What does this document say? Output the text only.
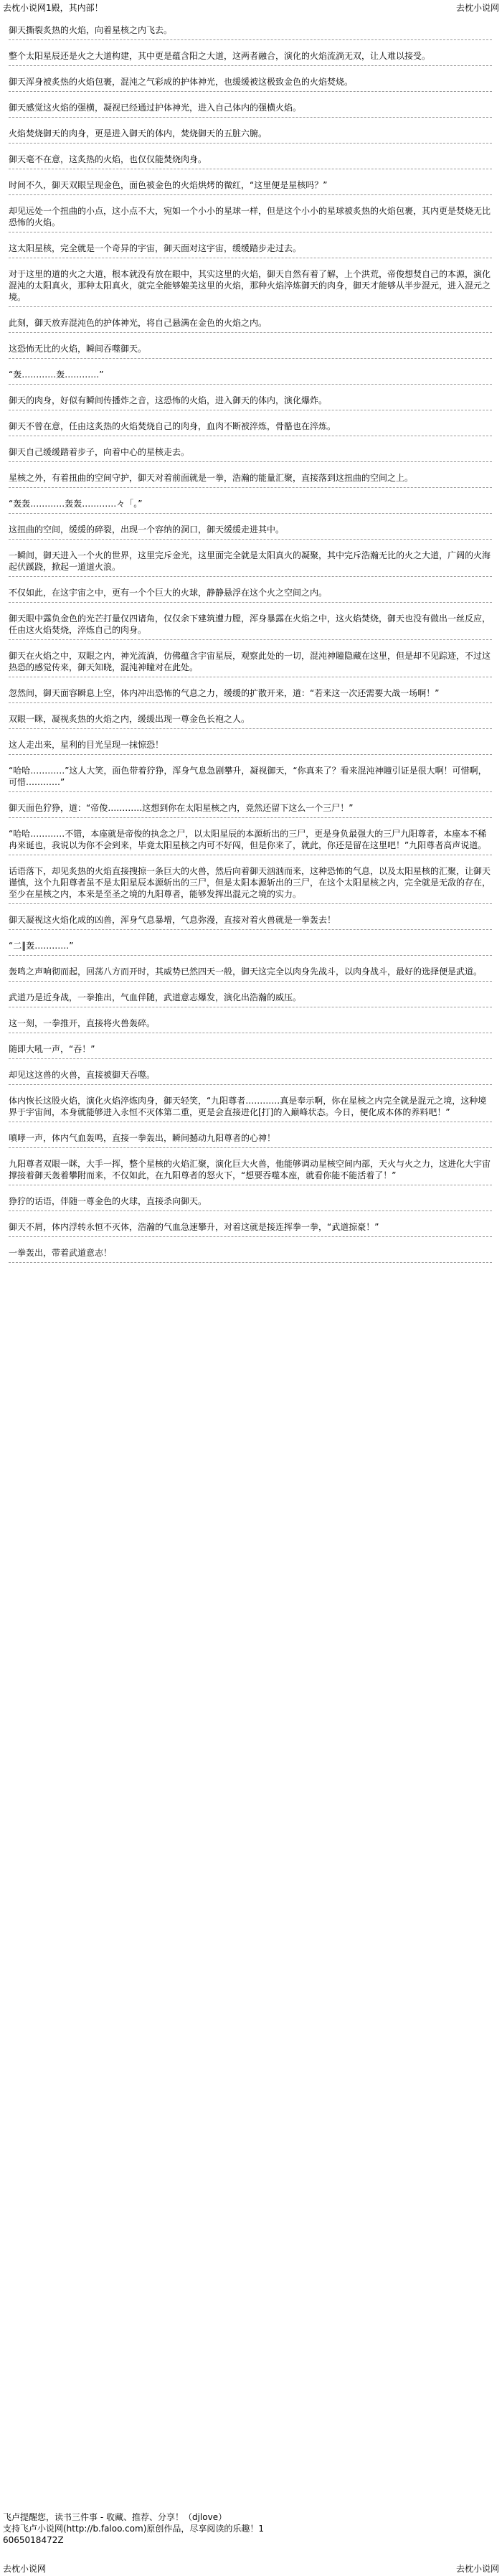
去枕小说网1殿，其内部！	去枕小说网

御天撕裂炙热的火焰，向着星核之内飞去。

整个太阳星辰还是火之大道构建，其中更是蕴含阳之大道，这两者融合，演化的火焰流淌无双，让人难以接受。

御天浑身被炙热的火焰包裹，混沌之气彩成的护体神光，也缓缓被这极致金色的火焰焚烧。

御天感觉这火焰的强横，凝视已经通过护体神光，进入自己体内的强横火焰。

火焰焚烧御天的肉身，更是进入御天的体内，焚烧御天的五脏六腑。

御天毫不在意，这炙热的火焰，也仅仅能焚烧肉身。

时间不久，御天双眼呈现金色，面色被金色的火焰烘烤的微红，“这里便是星核吗？”

却见远处一个扭曲的小点，这小点不大，宛如一个小小的星球一样，但是这个小小的星球被炙热的火焰包裹，其内更是焚烧无比恐怖的火焰。

这太阳星核，完全就是一个奇异的宇宙，御天面对这宇宙，缓缓踏步走过去。

对于这里的道的火之大道，根本就没有放在眼中，其实这里的火焰，御天自然有着了解，上个洪荒，帝俊想焚自己的本源，演化混沌的太阳真火，那种太阳真火，就完全能够媲美这里的火焰，那种火焰淬炼御天的肉身，御天才能够从半步混元，进入混元之境。

此刻，御天放弃混沌色的护体神光，将自己悬满在金色的火焰之内。

这恐怖无比的火焰，瞬间吞噬御天。

“轰…………轰…………”

御天的肉身，好似有瞬间传播炸之音，这恐怖的火焰，进入御天的体内，演化爆炸。

御天不曾在意，任由这炙热的火焰焚烧自己的肉身，血肉不断被淬炼，骨骼也在淬炼。

御天自己缓缓踏着步子，向着中心的星核走去。

星核之外，有着扭曲的空间守护，御天对着前面就是一拳，浩瀚的能量汇聚，直接落到这扭曲的空间之上。

“轰轰…………轰轰…………々「。”

这扭曲的空间，缓缓的碎裂，出现一个容纳的洞口，御天缓缓走进其中。

一瞬间，御天进入一个火的世界，这里完斥金光，这里面完全就是太阳真火的凝聚，其中完斥浩瀚无比的火之大道，广阔的火海起伏蹊跷，掀起一道道火浪。

不仅如此，在这宇宙之中，更有一个个巨大的火球，静静悬浮在这个火之空间之内。

御天眼中露负金色的光芒打量仅四诸角，仅仅余下建筑遭力膛，浑身暴露在火焰之中，这火焰焚烧，御天也没有做出一丝反应，任由这火焰焚烧，淬炼自己的肉身。

御天在火焰之中，双眼之内，神光流淌，仿佛蕴含宇宙星辰，观察此处的一切，混沌神瞳隐藏在这里，但是却不见踪迹，不过这热恐的感觉传来，御天知晓，混沌神瞳对在此处。

忽然间，御天面容瞬息上空，体内冲出恐怖的气息之力，缓缓的扩散开来，道：“若来这一次还需要大战一场啊！”

双眼一眯，凝视炙热的火焰之内，缓缓出现一尊金色长袍之人。

这人走出来，星利的目光呈现一抹惊恐！

“哈哈…………”这人大笑，面色带着狞狰，浑身气息急剧攀升，凝视御天，“你真来了？看来混沌神瞳引证是很大啊！可惜啊，可惜…………”

御天面色狞狰，道：“帝俊…………这想到你在太阳星核之内，竟然还留下这么一个三尸！”

“哈哈…………不错，本座就是帝俊的执念之尸，以太阳星辰的本源斩出的三尸，更是身负最强大的三尸九阳尊者，本座本不稀冉来诞也，我说以为你不会到来，毕竟太阳星核之内可不好闯，但是你来了，就此，你还是留在这里吧！”九阳尊者高声说道。

话语落下，却见炙热的火焰直接搜掠一条巨大的火兽，然后向着御天汹汹而来，这种恐怖的气息，以及太阳星核的汇聚，让御天谨慎，这个九阳尊者虽不是太阳星辰本源斩出的三尸，但是太阳本源斩出的三尸，在这个太阳星核之内，完全就是无敌的存在，至少在星核之内，本来是至圣之境的九阳尊者，能够发挥出混元之境的实力。

御天凝视这火焰化成的凶兽，浑身气息暴增，气息弥漫，直接对着火兽就是一拳轰去！

“二‖轰…………”

轰鸣之声响彻而起，回荡八方而开时，其威势已然四天一般，御天这完全以肉身先战斗，以肉身战斗，最好的选择便是武道。

武道乃是近身战，一拳推出，气血伴随，武道意志爆发，演化出浩瀚的威压。

这一刻，一拳推开，直接将火兽轰碎。

随即大吼一声，“吞！”

却见这这兽的火兽，直接被御天吞噬。

体内恢长这股火焰，演化火焰淬炼肉身，御天轻笑，“九阳尊者…………真是奉示啊，你在星核之内完全就是混元之境，这种境界于宇宙间，本身就能够进入永恒不灭体第二重，更是会直接进化[打]的入巅峰状态。今日，便化成本体的养料吧！”

嗔哮一声，体内气血轰鸣，直接一拳轰出，瞬间撼动九阳尊者的心神！

九阳尊者双眼一眯，大手一挥，整个星核的火焰汇聚，演化巨大火兽，他能够调动星核空间内部，天火与火之力，这进化大宇宙撑接着御天轰着攀附而来，不仅如此，在九阳尊者的怒火下，“想要吞噬本座，就看你能不能活着了！”

狰狞的话语，伴随一尊金色的火球，直接杀向御天。

御天不屑，体内浮转永恒不灭体，浩瀚的气血急速攀升，对着这就是接连挥拳一拳，“武道掠豪！”

一拳轰出，带着武道意志！

飞卢提醒您，读书三件事 - 收藏、推荐、分享！（djlove）
支持飞卢小说网(http://b.faloo.com)原创作品，尽享阅读的乐趣！1
6065018472Z
去枕小说网	去枕小说网
